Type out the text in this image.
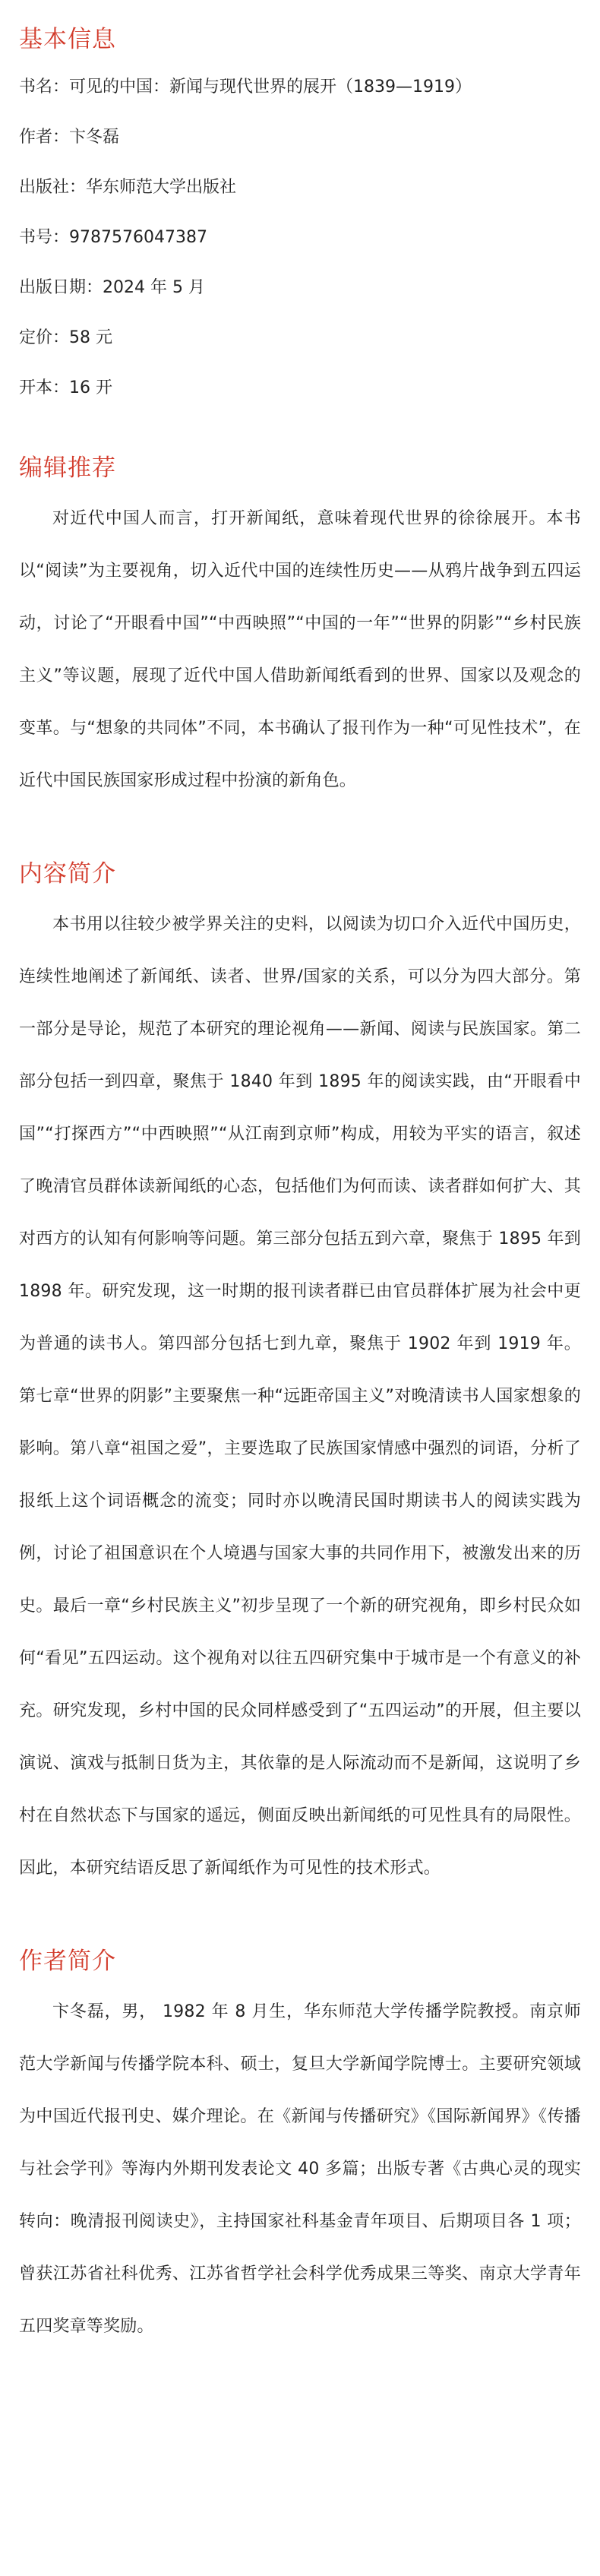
基本信息
书名：可见的中国：新闻与现代世界的展开（1839—1919）
作者：卞冬磊
出版社：华东师范大学出版社
书号：9787576047387
出版日期：2024 年 5 月
定价：58 元
开本：16 开
编辑推荐

对近代中国人而言，打开新闻纸，意味着现代世界的徐徐展开。本书以“阅读”为主要视角，切入近代中国的连续性历史——从鸦片战争到五四运动，讨论了“开眼看中国”“中西映照”“中国的一年”“世界的阴影”“乡村民族主义”等议题，展现了近代中国人借助新闻纸看到的世界、国家以及观念的变革。与“想象的共同体”不同，本书确认了报刊作为一种“可见性技术”，在近代中国民族国家形成过程中扮演的新角色。

内容简介

本书用以往较少被学界关注的史料，以阅读为切口介入近代中国历史，连续性地阐述了新闻纸、读者、世界/国家的关系，可以分为四大部分。第一部分是导论，规范了本研究的理论视角——新闻、阅读与民族国家。第二部分包括一到四章，聚焦于 1840 年到 1895 年的阅读实践，由“开眼看中国”“打探西方”“中西映照”“从江南到京师”构成，用较为平实的语言，叙述了晚清官员群体读新闻纸的心态，包括他们为何而读、读者群如何扩大、其对西方的认知有何影响等问题。第三部分包括五到六章，聚焦于 1895 年到 1898 年。研究发现，这一时期的报刊读者群已由官员群体扩展为社会中更为普通的读书人。第四部分包括七到九章，聚焦于 1902 年到 1919 年。第七章“世界的阴影”主要聚焦一种“远距帝国主义”对晚清读书人国家想象的影响。第八章“祖国之爱”，主要选取了民族国家情感中强烈的词语，分析了报纸上这个词语概念的流变；同时亦以晚清民国时期读书人的阅读实践为例，讨论了祖国意识在个人境遇与国家大事的共同作用下，被激发出来的历史。最后一章“乡村民族主义”初步呈现了一个新的研究视角，即乡村民众如何“看见”五四运动。这个视角对以往五四研究集中于城市是一个有意义的补充。研究发现，乡村中国的民众同样感受到了“五四运动”的开展，但主要以演说、演戏与抵制日货为主，其依靠的是人际流动而不是新闻，这说明了乡村在自然状态下与国家的遥远，侧面反映出新闻纸的可见性具有的局限性。因此，本研究结语反思了新闻纸作为可见性的技术形式。

作者简介

卞冬磊，男， 1982 年 8 月生，华东师范大学传播学院教授。南京师范大学新闻与传播学院本科、硕士，复旦大学新闻学院博士。主要研究领域为中国近代报刊史、媒介理论。在《新闻与传播研究》《国际新闻界》《传播与社会学刊》等海内外期刊发表论文 40 多篇；出版专著《古典心灵的现实转向：晚清报刊阅读史》，主持国家社科基金青年项目、后期项目各 1 项；曾获江苏省社科优秀、江苏省哲学社会科学优秀成果三等奖、南京大学青年五四奖章等奖励。
